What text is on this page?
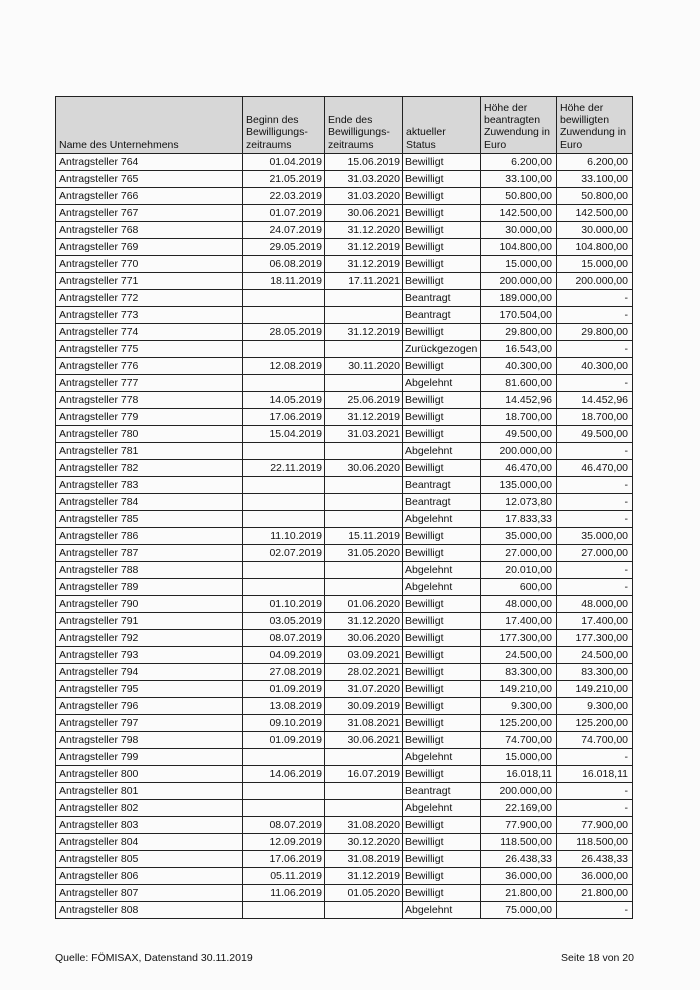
Name des Unternehmens	Beginn des Bewilligungs-zeitraums	Ende des Bewilligungs-zeitraums	aktueller Status	Höhe der beantragten Zuwendung in Euro	Höhe der bewilligten Zuwendung in Euro
Antragsteller 764	01.04.2019	15.06.2019	Bewilligt	6.200,00	6.200,00
Antragsteller 765	21.05.2019	31.03.2020	Bewilligt	33.100,00	33.100,00
Antragsteller 766	22.03.2019	31.03.2020	Bewilligt	50.800,00	50.800,00
Antragsteller 767	01.07.2019	30.06.2021	Bewilligt	142.500,00	142.500,00
Antragsteller 768	24.07.2019	31.12.2020	Bewilligt	30.000,00	30.000,00
Antragsteller 769	29.05.2019	31.12.2019	Bewilligt	104.800,00	104.800,00
Antragsteller 770	06.08.2019	31.12.2019	Bewilligt	15.000,00	15.000,00
Antragsteller 771	18.11.2019	17.11.2021	Bewilligt	200.000,00	200.000,00
Antragsteller 772			Beantragt	189.000,00	-
Antragsteller 773			Beantragt	170.504,00	-
Antragsteller 774	28.05.2019	31.12.2019	Bewilligt	29.800,00	29.800,00
Antragsteller 775			Zurückgezogen	16.543,00	-
Antragsteller 776	12.08.2019	30.11.2020	Bewilligt	40.300,00	40.300,00
Antragsteller 777			Abgelehnt	81.600,00	-
Antragsteller 778	14.05.2019	25.06.2019	Bewilligt	14.452,96	14.452,96
Antragsteller 779	17.06.2019	31.12.2019	Bewilligt	18.700,00	18.700,00
Antragsteller 780	15.04.2019	31.03.2021	Bewilligt	49.500,00	49.500,00
Antragsteller 781			Abgelehnt	200.000,00	-
Antragsteller 782	22.11.2019	30.06.2020	Bewilligt	46.470,00	46.470,00
Antragsteller 783			Beantragt	135.000,00	-
Antragsteller 784			Beantragt	12.073,80	-
Antragsteller 785			Abgelehnt	17.833,33	-
Antragsteller 786	11.10.2019	15.11.2019	Bewilligt	35.000,00	35.000,00
Antragsteller 787	02.07.2019	31.05.2020	Bewilligt	27.000,00	27.000,00
Antragsteller 788			Abgelehnt	20.010,00	-
Antragsteller 789			Abgelehnt	600,00	-
Antragsteller 790	01.10.2019	01.06.2020	Bewilligt	48.000,00	48.000,00
Antragsteller 791	03.05.2019	31.12.2020	Bewilligt	17.400,00	17.400,00
Antragsteller 792	08.07.2019	30.06.2020	Bewilligt	177.300,00	177.300,00
Antragsteller 793	04.09.2019	03.09.2021	Bewilligt	24.500,00	24.500,00
Antragsteller 794	27.08.2019	28.02.2021	Bewilligt	83.300,00	83.300,00
Antragsteller 795	01.09.2019	31.07.2020	Bewilligt	149.210,00	149.210,00
Antragsteller 796	13.08.2019	30.09.2019	Bewilligt	9.300,00	9.300,00
Antragsteller 797	09.10.2019	31.08.2021	Bewilligt	125.200,00	125.200,00
Antragsteller 798	01.09.2019	30.06.2021	Bewilligt	74.700,00	74.700,00
Antragsteller 799			Abgelehnt	15.000,00	-
Antragsteller 800	14.06.2019	16.07.2019	Bewilligt	16.018,11	16.018,11
Antragsteller 801			Beantragt	200.000,00	-
Antragsteller 802			Abgelehnt	22.169,00	-
Antragsteller 803	08.07.2019	31.08.2020	Bewilligt	77.900,00	77.900,00
Antragsteller 804	12.09.2019	30.12.2020	Bewilligt	118.500,00	118.500,00
Antragsteller 805	17.06.2019	31.08.2019	Bewilligt	26.438,33	26.438,33
Antragsteller 806	05.11.2019	31.12.2019	Bewilligt	36.000,00	36.000,00
Antragsteller 807	11.06.2019	01.05.2020	Bewilligt	21.800,00	21.800,00
Antragsteller 808			Abgelehnt	75.000,00	-
Quelle: FÖMISAX, Datenstand 30.11.2019	Seite 18 von 20
